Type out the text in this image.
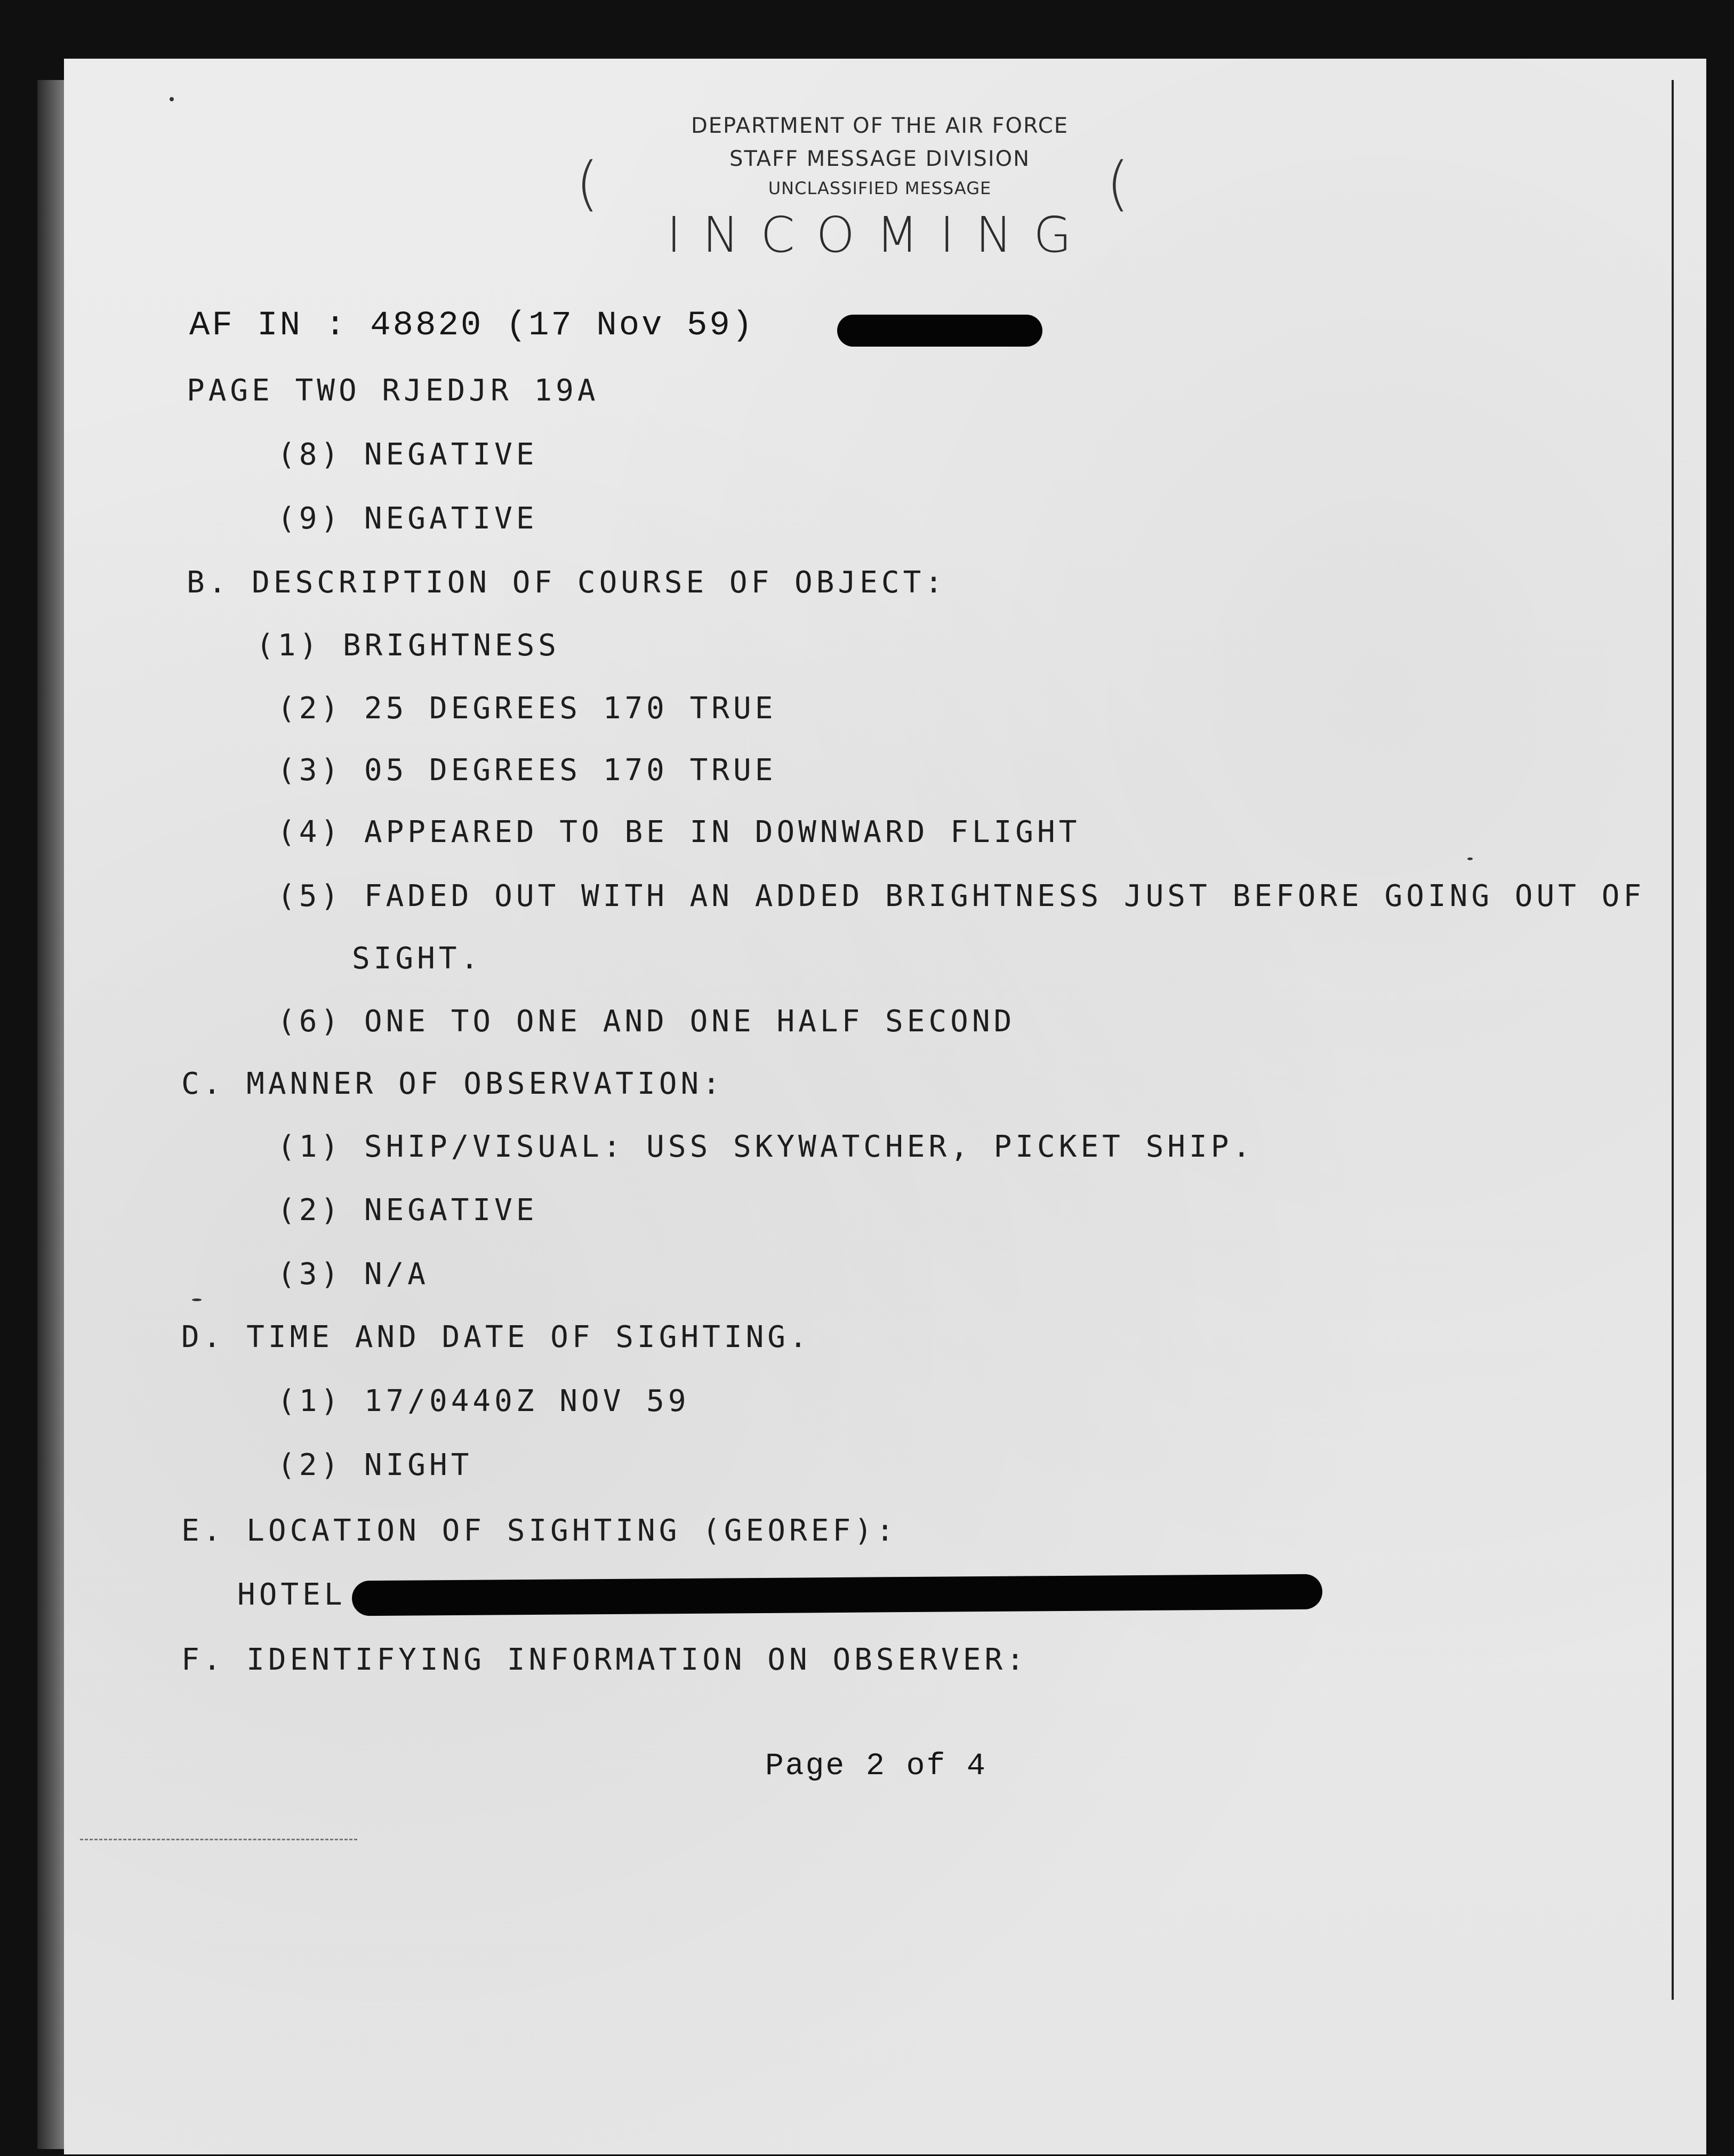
(	(
DEPARTMENT OF THE AIR FORCE
STAFF MESSAGE DIVISION
UNCLASSIFIED MESSAGE
INCOMING
AF IN : 48820 (17 Nov 59)
PAGE TWO RJEDJR 19A
(8) NEGATIVE
(9) NEGATIVE
B. DESCRIPTION OF COURSE OF OBJECT:
(1) BRIGHTNESS
(2) 25 DEGREES 170 TRUE
(3) 05 DEGREES 170 TRUE
(4) APPEARED TO BE IN DOWNWARD FLIGHT
(5) FADED OUT WITH AN ADDED BRIGHTNESS JUST BEFORE GOING OUT OF
SIGHT.
(6) ONE TO ONE AND ONE HALF SECOND
C. MANNER OF OBSERVATION:
(1) SHIP/VISUAL: USS SKYWATCHER, PICKET SHIP.
(2) NEGATIVE
(3) N/A
D. TIME AND DATE OF SIGHTING.
(1) 17/0440Z NOV 59
(2) NIGHT
E. LOCATION OF SIGHTING (GEOREF):
HOTEL
F. IDENTIFYING INFORMATION ON OBSERVER:
Page 2 of 4
